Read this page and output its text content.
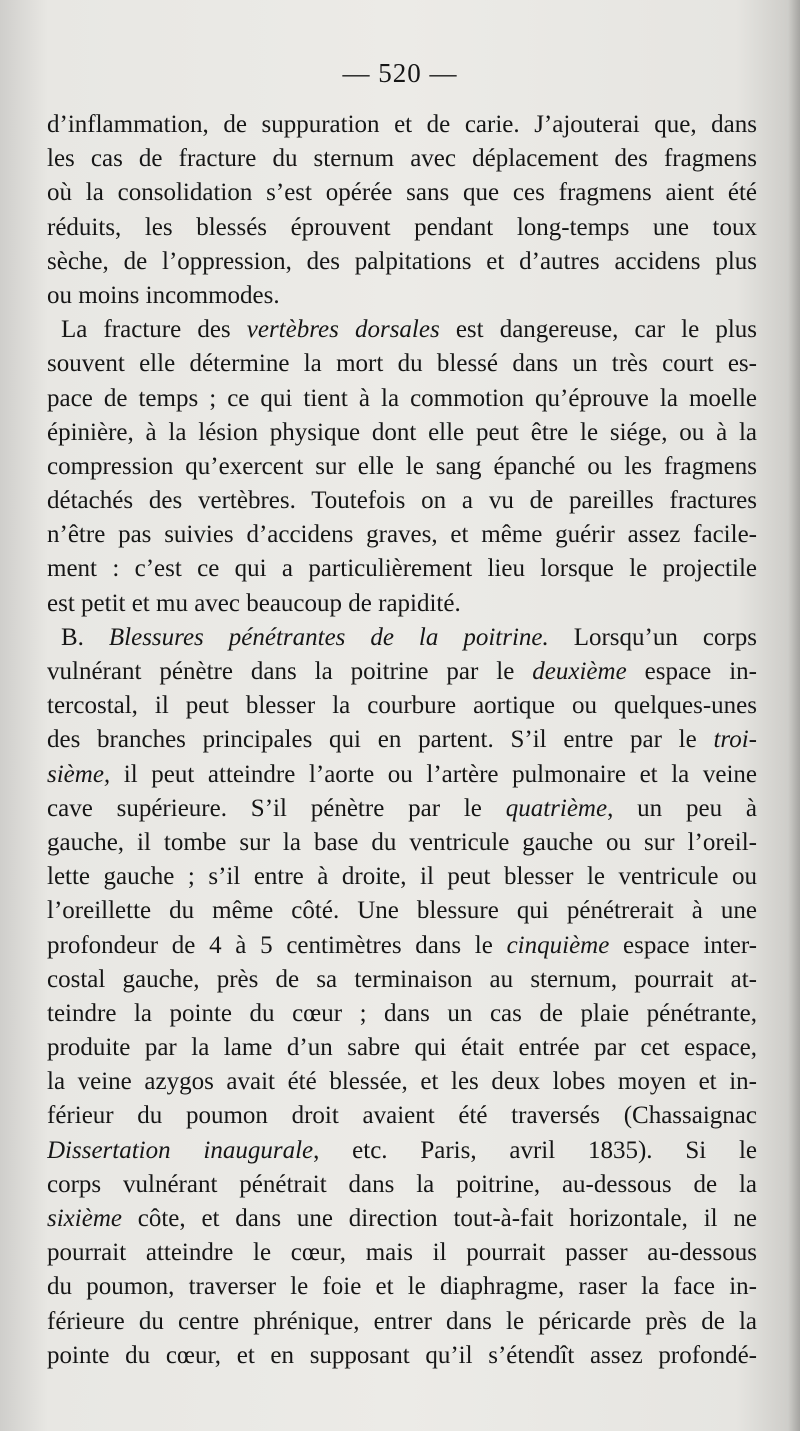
— 520 —
d’inflammation, de suppuration et de carie. J’ajouterai que, dans
les cas de fracture du sternum avec déplacement des fragmens
où la consolidation s’est opérée sans que ces fragmens aient été
réduits, les blessés éprouvent pendant long-temps une toux
sèche, de l’oppression, des palpitations et d’autres accidens plus
ou moins incommodes.
La fracture des vertèbres dorsales est dangereuse, car le plus
souvent elle détermine la mort du blessé dans un très court es-
pace de temps ; ce qui tient à la commotion qu’éprouve la moelle
épinière, à la lésion physique dont elle peut être le siége, ou à la
compression qu’exercent sur elle le sang épanché ou les fragmens
détachés des vertèbres. Toutefois on a vu de pareilles fractures
n’être pas suivies d’accidens graves, et même guérir assez facile-
ment : c’est ce qui a particulièrement lieu lorsque le projectile
est petit et mu avec beaucoup de rapidité.
B. Blessures pénétrantes de la poitrine. Lorsqu’un corps
vulnérant pénètre dans la poitrine par le deuxième espace in-
tercostal, il peut blesser la courbure aortique ou quelques-unes
des branches principales qui en partent. S’il entre par le troi-
sième, il peut atteindre l’aorte ou l’artère pulmonaire et la veine
cave supérieure. S’il pénètre par le quatrième, un peu à
gauche, il tombe sur la base du ventricule gauche ou sur l’oreil-
lette gauche ; s’il entre à droite, il peut blesser le ventricule ou
l’oreillette du même côté. Une blessure qui pénétrerait à une
profondeur de 4 à 5 centimètres dans le cinquième espace inter-
costal gauche, près de sa terminaison au sternum, pourrait at-
teindre la pointe du cœur ; dans un cas de plaie pénétrante,
produite par la lame d’un sabre qui était entrée par cet espace,
la veine azygos avait été blessée, et les deux lobes moyen et in-
férieur du poumon droit avaient été traversés (Chassaignac
Dissertation inaugurale, etc. Paris, avril 1835). Si le
corps vulnérant pénétrait dans la poitrine, au-dessous de la
sixième côte, et dans une direction tout-à-fait horizontale, il ne
pourrait atteindre le cœur, mais il pourrait passer au-dessous
du poumon, traverser le foie et le diaphragme, raser la face in-
férieure du centre phrénique, entrer dans le péricarde près de la
pointe du cœur, et en supposant qu’il s’étendît assez profondé-
